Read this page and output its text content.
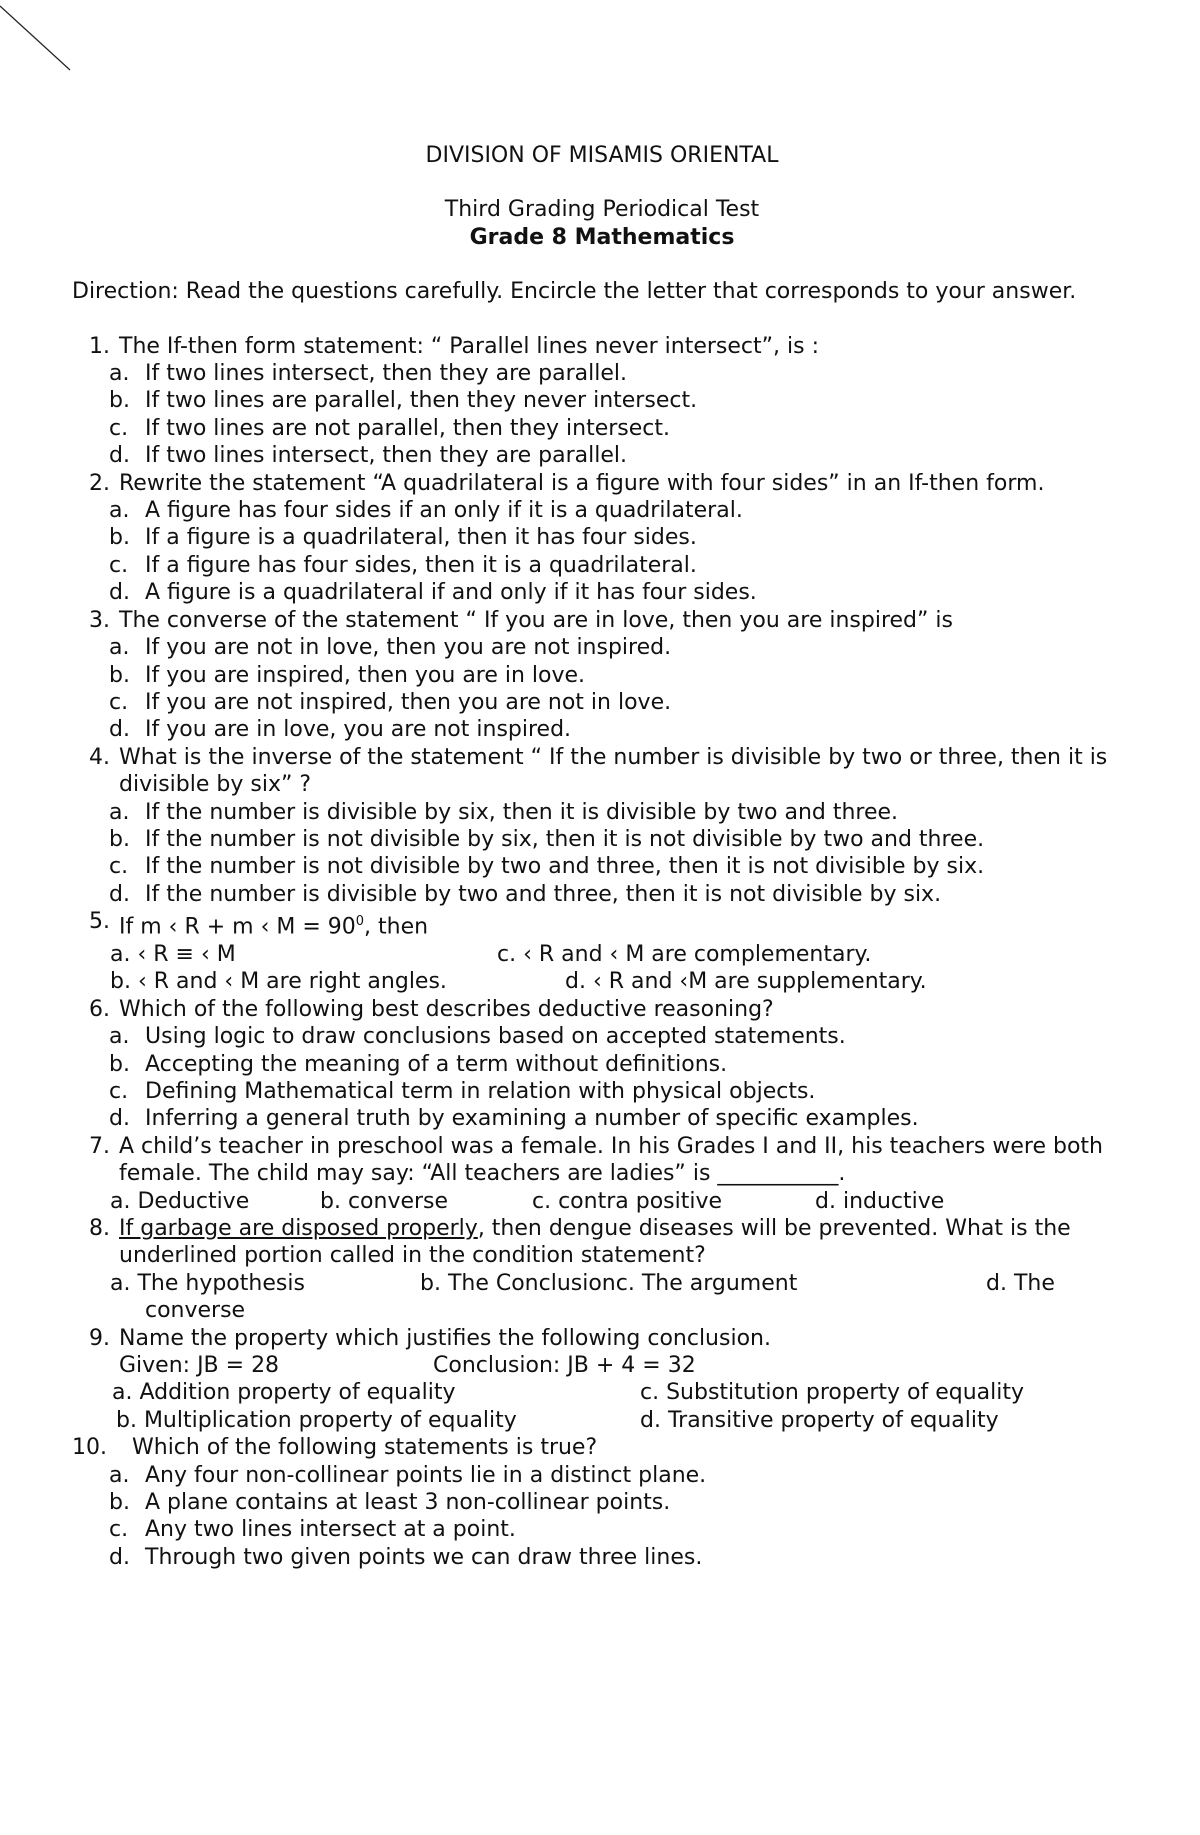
DIVISION OF MISAMIS ORIENTAL
Third Grading Periodical Test
Grade 8 Mathematics
Direction: Read the questions carefully. Encircle the letter that corresponds to your answer.
1. The If-then form statement: “ Parallel lines never intersect”, is :
a. If two lines intersect, then they are parallel.
b. If two lines are parallel, then they never intersect.
c. If two lines are not parallel, then they intersect.
d. If two lines intersect, then they are parallel.
2. Rewrite the statement “A quadrilateral is a figure with four sides” in an If-then form.
a. A figure has four sides if an only if it is a quadrilateral.
b. If a figure is a quadrilateral, then it has four sides.
c. If a figure has four sides, then it is a quadrilateral.
d. A figure is a quadrilateral if and only if it has four sides.
3. The converse of the statement “ If you are in love, then you are inspired” is
a. If you are not in love, then you are not inspired.
b. If you are inspired, then you are in love.
c. If you are not inspired, then you are not in love.
d. If you are in love, you are not inspired.
4. What is the inverse of the statement “ If the number is divisible by two or three, then it is divisible by six” ?
a. If the number is divisible by six, then it is divisible by two and three.
b. If the number is not divisible by six, then it is not divisible by two and three.
c. If the number is not divisible by two and three, then it is not divisible by six.
d. If the number is divisible by two and three, then it is not divisible by six.
5. If m ‹ R + m ‹ $M = 90^0$, then
a. ‹ R ≡ ‹ M	c. ‹ R and ‹ M are complementary.
b. ‹ R and ‹ M are right angles.	d. ‹ R and ‹M are supplementary.
6. Which of the following best describes deductive reasoning?
a. Using logic to draw conclusions based on accepted statements.
b. Accepting the meaning of a term without definitions.
c. Defining Mathematical term in relation with physical objects.
d. Inferring a general truth by examining a number of specific examples.
7. A child’s teacher in preschool was a female. In his Grades I and II, his teachers were both female. The child may say: “All teachers are ladies” is ___________.
a. Deductive	b. converse	c. contra positive	d. inductive
8. If garbage are disposed properly, then dengue diseases will be prevented. What is the underlined portion called in the condition statement?
a. The hypothesis	b. The Conclusionc. The argument	d. The
converse
9. Name the property which justifies the following conclusion.
Given: JB = 28	Conclusion: JB + 4 = 32
a. Addition property of equality	c. Substitution property of equality
b. Multiplication property of equality	d. Transitive property of equality
10.	Which of the following statements is true?
a. Any four non-collinear points lie in a distinct plane.
b. A plane contains at least 3 non-collinear points.
c. Any two lines intersect at a point.
d. Through two given points we can draw three lines.
